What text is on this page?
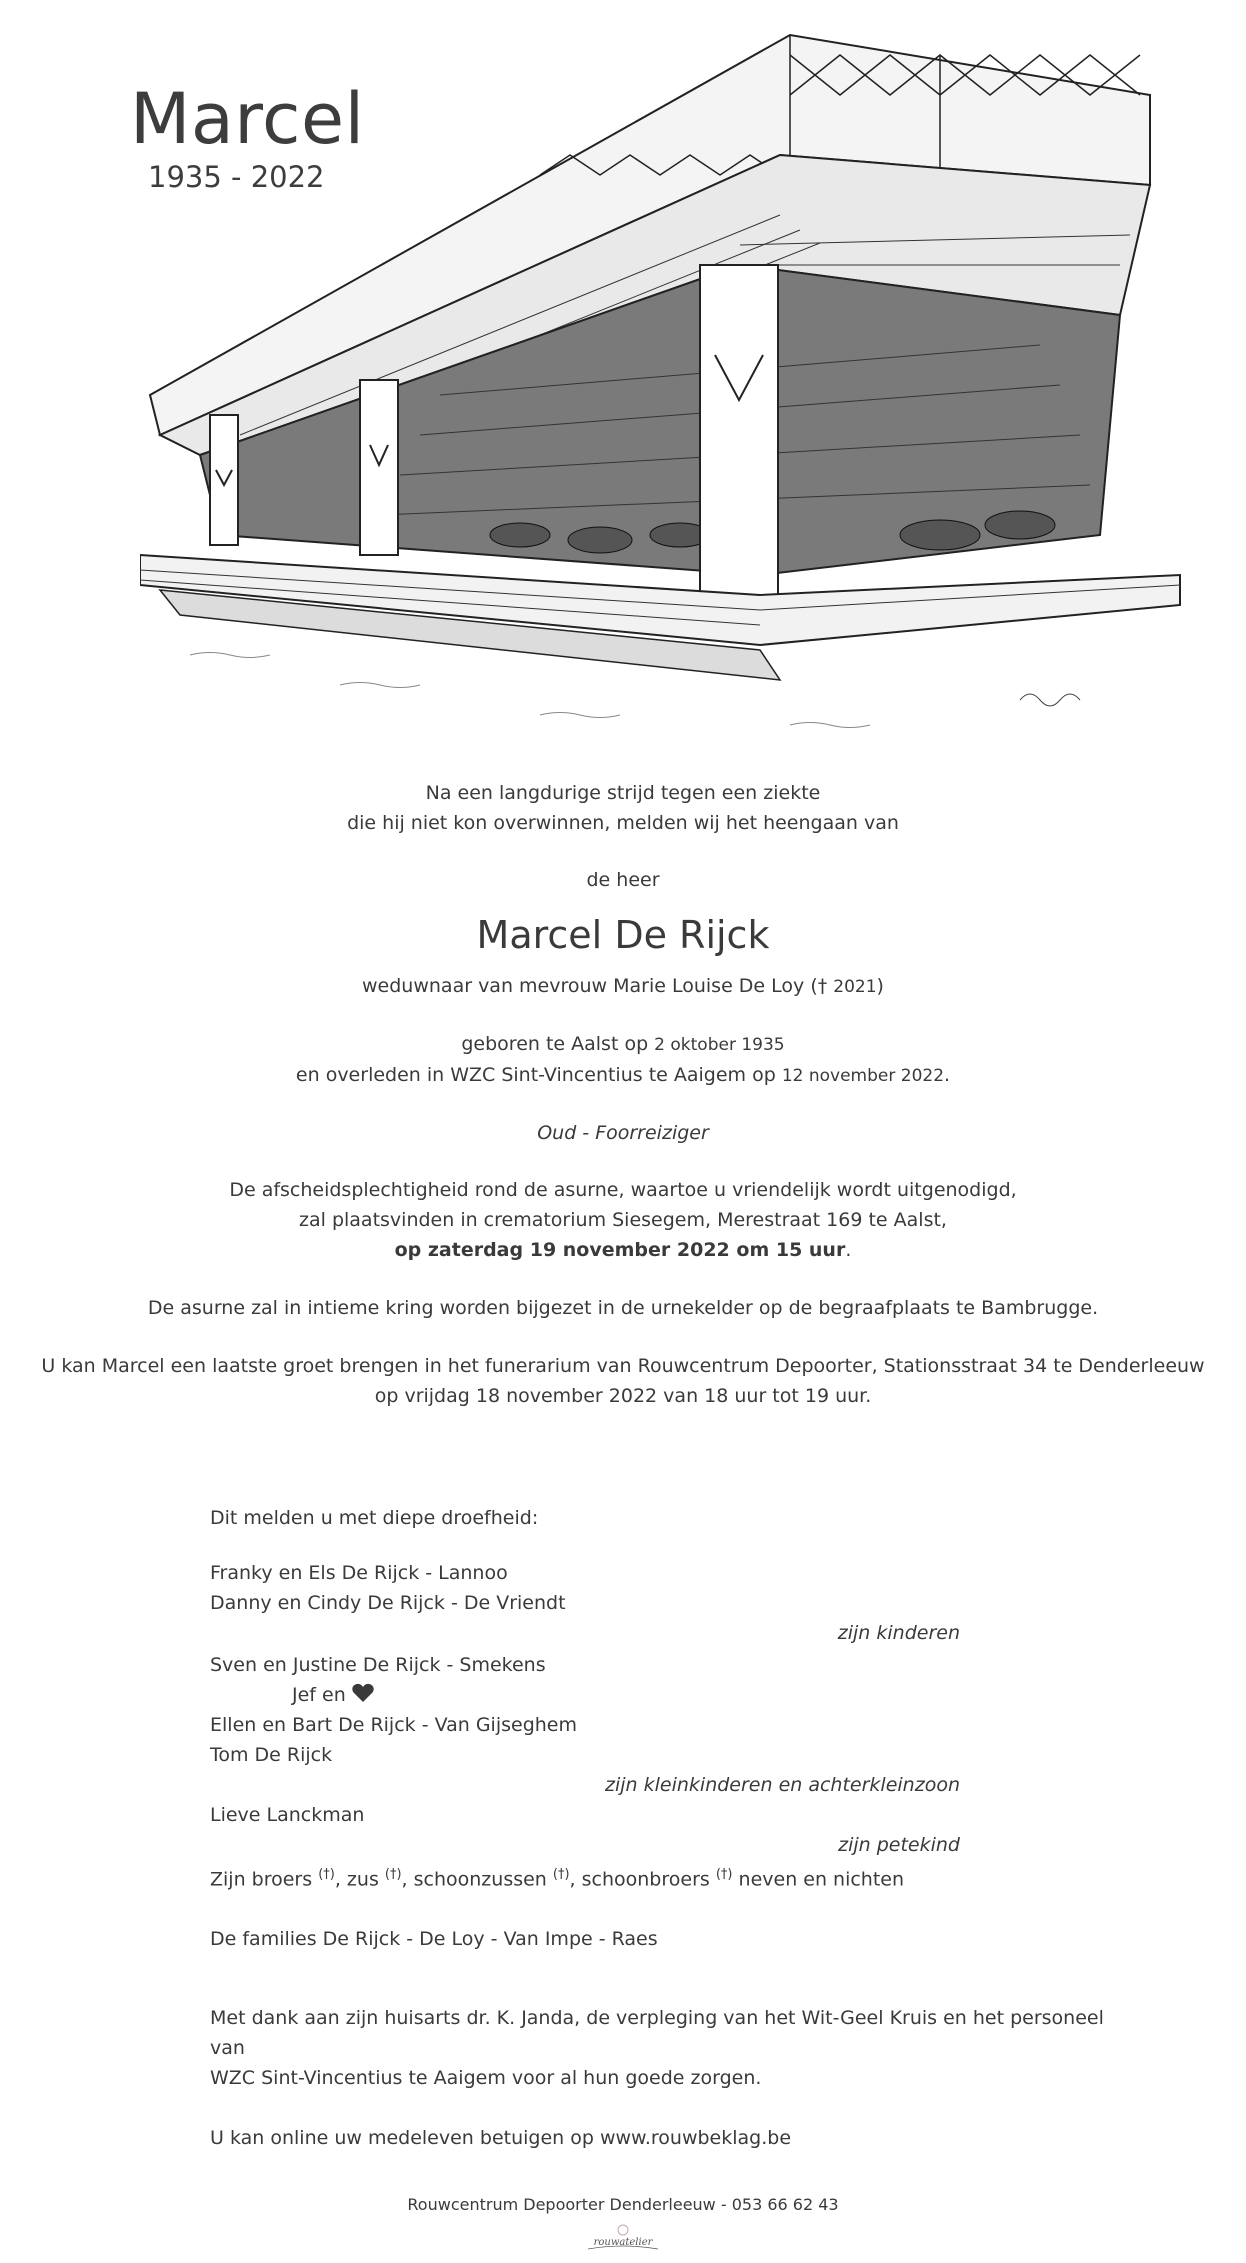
Marcel
1935 - 2022

Na een langdurige strijd tegen een ziekte

die hij niet kon overwinnen, melden wij het heengaan van

de heer

Marcel De Rijck

weduwnaar van mevrouw Marie Louise De Loy († 2021)

geboren te Aalst op 2 oktober 1935

en overleden in WZC Sint-Vincentius te Aaigem op 12 november 2022.

Oud - Foorreiziger

De afscheidsplechtigheid rond de asurne, waartoe u vriendelijk wordt uitgenodigd,

zal plaatsvinden in crematorium Siesegem, Merestraat 169 te Aalst,

op zaterdag 19 november 2022 om 15 uur.

De asurne zal in intieme kring worden bijgezet in de urnekelder op de begraafplaats te Bambrugge.

U kan Marcel een laatste groet brengen in het funerarium van Rouwcentrum Depoorter, Stationsstraat 34 te Denderleeuw

op vrijdag 18 november 2022 van 18 uur tot 19 uur.

Dit melden u met diepe droefheid:

Franky en Els De Rijck - Lannoo

Danny en Cindy De Rijck - De Vriendt

zijn kinderen

Sven en Justine De Rijck - Smekens

Jef en

Ellen en Bart De Rijck - Van Gijseghem

Tom De Rijck

zijn kleinkinderen en achterkleinzoon

Lieve Lanckman

zijn petekind

Zijn broers (†), zus (†), schoonzussen (†), schoonbroers (†) neven en nichten

De families De Rijck - De Loy - Van Impe - Raes

Met dank aan zijn huisarts dr. K. Janda, de verpleging van het Wit-Geel Kruis en het personeel van

WZC Sint-Vincentius te Aaigem voor al hun goede zorgen.

U kan online uw medeleven betuigen op www.rouwbeklag.be

Rouwcentrum Depoorter Denderleeuw - 053 66 62 43
rouwatelier
